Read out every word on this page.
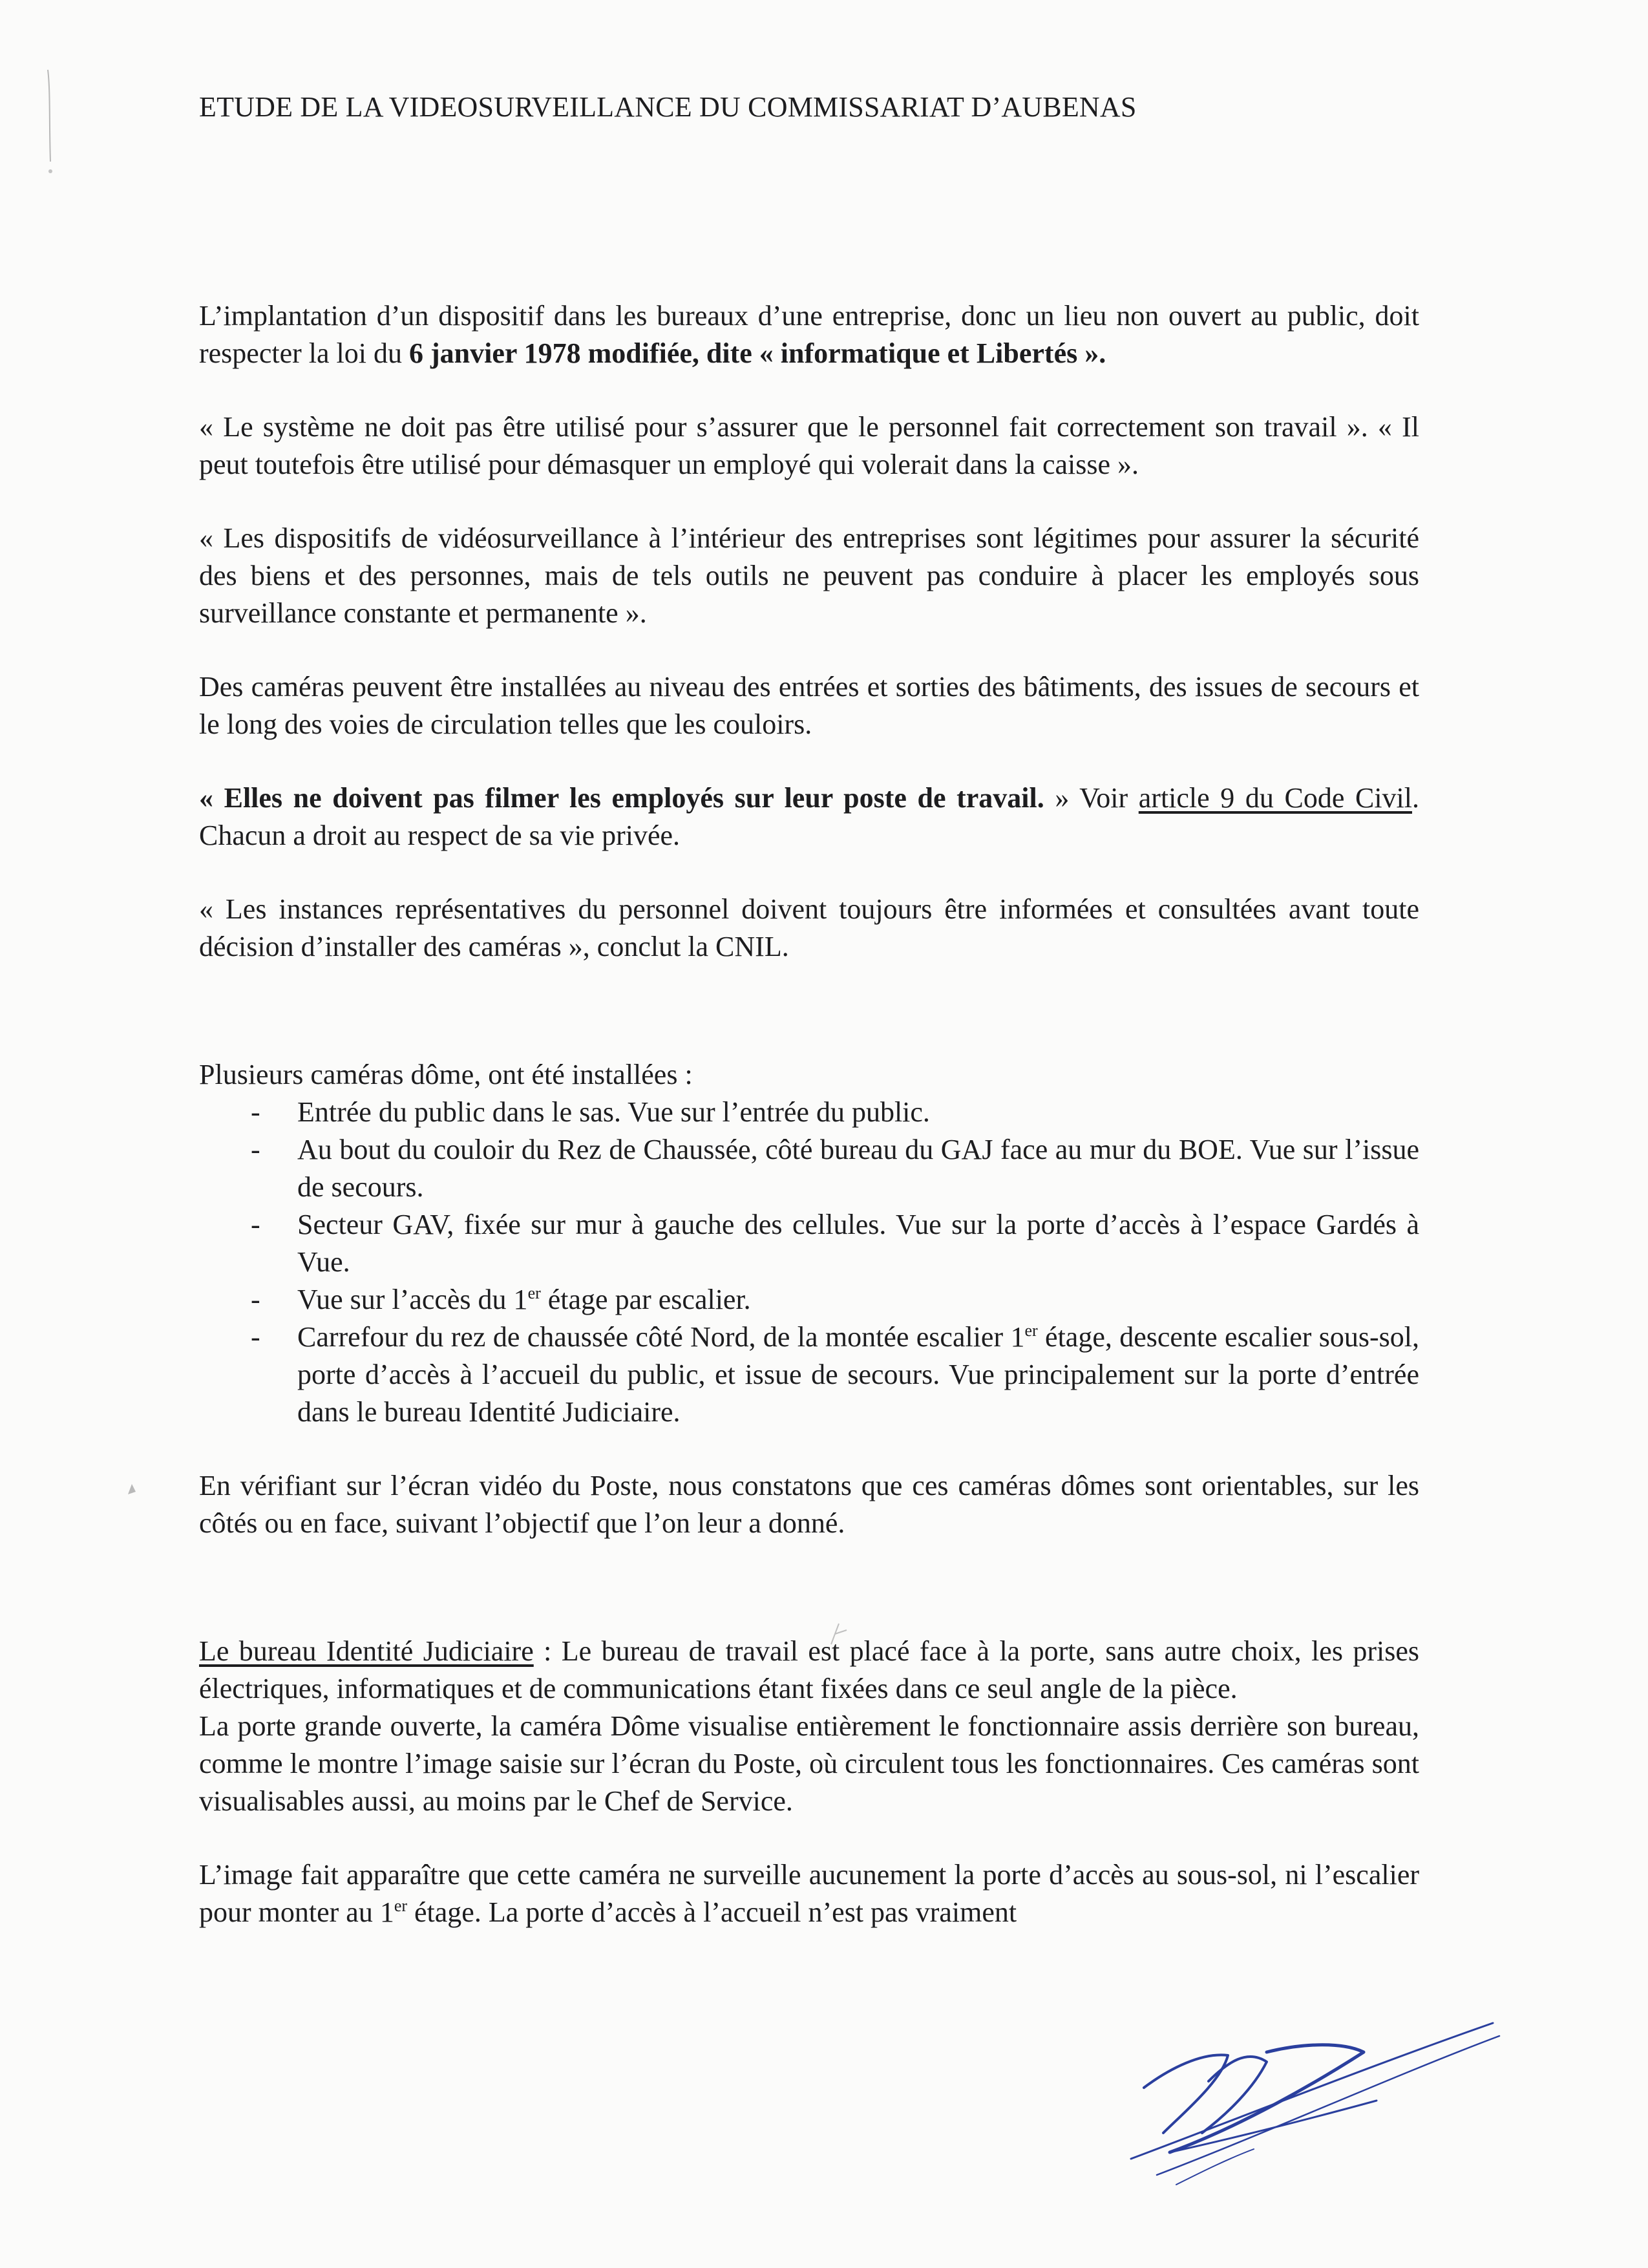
ETUDE DE LA VIDEOSURVEILLANCE DU COMMISSARIAT D’AUBENAS

L’implantation d’un dispositif dans les bureaux d’une entreprise, donc un lieu non ouvert au public, doit respecter la loi du 6 janvier 1978 modifiée, dite « informatique et Libertés ».

« Le système ne doit pas être utilisé pour s’assurer que le personnel fait correctement son travail ». « Il peut toutefois être utilisé pour démasquer un employé qui volerait dans la caisse ».

« Les dispositifs de vidéosurveillance à l’intérieur des entreprises sont légitimes pour assurer la sécurité des biens et des personnes, mais de tels outils ne peuvent pas conduire à placer les employés sous surveillance constante et permanente ».

Des caméras peuvent être installées au niveau des entrées et sorties des bâtiments, des issues de secours et le long des voies de circulation telles que les couloirs.

« Elles ne doivent pas filmer les employés sur leur poste de travail. » Voir article 9 du Code Civil. Chacun a droit au respect de sa vie privée.

« Les instances représentatives du personnel doivent toujours être informées et consultées avant toute décision d’installer des caméras », conclut la CNIL.

Plusieurs caméras dôme, ont été installées :

- Entrée du public dans le sas. Vue sur l’entrée du public.
- Au bout du couloir du Rez de Chaussée, côté bureau du GAJ face au mur du BOE. Vue sur l’issue de secours.
- Secteur GAV, fixée sur mur à gauche des cellules. Vue sur la porte d’accès à l’espace Gardés à Vue.
- Vue sur l’accès du 1er étage par escalier.
- Carrefour du rez de chaussée côté Nord, de la montée escalier 1er étage, descente escalier sous-sol, porte d’accès à l’accueil du public, et issue de secours. Vue principalement sur la porte d’entrée dans le bureau Identité Judiciaire.

En vérifiant sur l’écran vidéo du Poste, nous constatons que ces caméras dômes sont orientables, sur les côtés ou en face, suivant l’objectif que l’on leur a donné.

Le bureau Identité Judiciaire : Le bureau de travail est placé face à la porte, sans autre choix, les prises électriques, informatiques et de communications étant fixées dans ce seul angle de la pièce.

La porte grande ouverte, la caméra Dôme visualise entièrement le fonctionnaire assis derrière son bureau, comme le montre l’image saisie sur l’écran du Poste, où circulent tous les fonctionnaires. Ces caméras sont visualisables aussi, au moins par le Chef de Service.

L’image fait apparaître que cette caméra ne surveille aucunement la porte d’accès au sous-sol, ni l’escalier pour monter au 1er étage. La porte d’accès à l’accueil n’est pas vraiment
